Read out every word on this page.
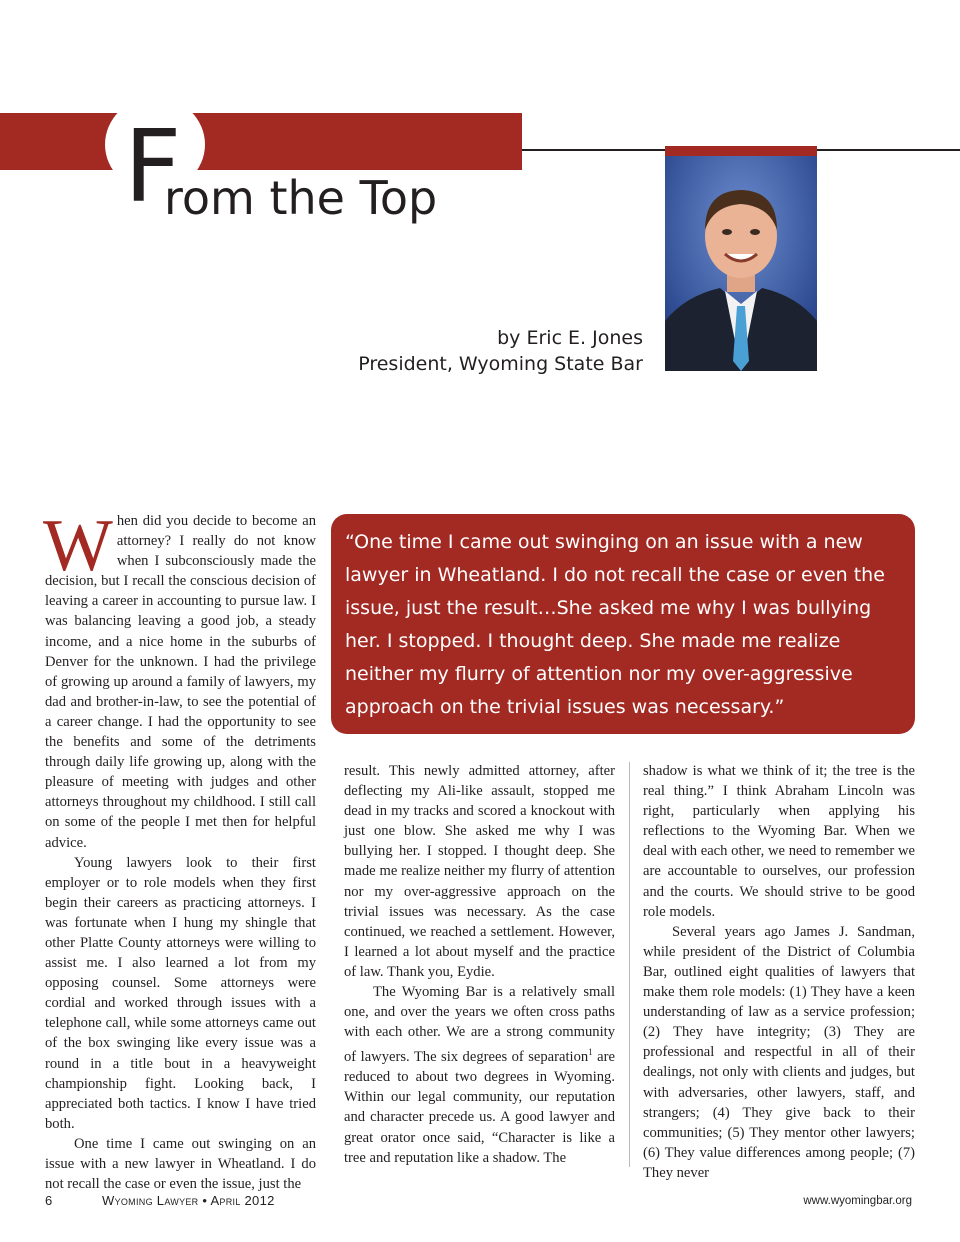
F
rom the Top
by Eric E. Jones
President, Wyoming State Bar

When did you decide to become an attorney? I really do not know when I subconsciously made the decision, but I recall the conscious decision of leaving a career in accounting to pursue law. I was balancing leaving a good job, a steady income, and a nice home in the suburbs of Denver for the unknown. I had the privilege of growing up around a family of lawyers, my dad and brother-in-law, to see the potential of a career change. I had the opportunity to see the benefits and some of the detriments through daily life growing up, along with the pleasure of meeting with judges and other attorneys throughout my childhood. I still call on some of the people I met then for helpful advice.

Young lawyers look to their first employer or to role models when they first begin their careers as practicing attorneys. I was fortunate when I hung my shingle that other Platte County attorneys were willing to assist me. I also learned a lot from my opposing counsel. Some attorneys were cordial and worked through issues with a telephone call, while some attorneys came out of the box swinging like every issue was a round in a title bout in a heavyweight championship fight. Looking back, I appreciated both tactics. I know I have tried both.

One time I came out swinging on an issue with a new lawyer in Wheatland. I do not recall the case or even the issue, just the

“One time I came out swinging on an issue with a new lawyer in Wheatland. I do not recall the case or even the issue, just the result…She asked me why I was bullying her. I stopped. I thought deep. She made me realize neither my flurry of attention nor my over-aggressive approach on the trivial issues was necessary.”

result. This newly admitted attorney, after deflecting my Ali-like assault, stopped me dead in my tracks and scored a knockout with just one blow. She asked me why I was bullying her. I stopped. I thought deep. She made me realize neither my flurry of attention nor my over-aggressive approach on the trivial issues was necessary. As the case continued, we reached a settlement. However, I learned a lot about myself and the practice of law. Thank you, Eydie.

The Wyoming Bar is a relatively small one, and over the years we often cross paths with each other. We are a strong community of lawyers. The six degrees of separation$^1$ are reduced to about two degrees in Wyoming. Within our legal community, our reputation and character precede us. A good lawyer and great orator once said, “Character is like a tree and reputation like a shadow. The

shadow is what we think of it; the tree is the real thing.” I think Abraham Lincoln was right, particularly when applying his reflections to the Wyoming Bar. When we deal with each other, we need to remember we are accountable to ourselves, our profession and the courts. We should strive to be good role models.

Several years ago James J. Sandman, while president of the District of Columbia Bar, outlined eight qualities of lawyers that make them role models: (1) They have a keen understanding of law as a service profession; (2) They have integrity; (3) They are professional and respectful in all of their dealings, not only with clients and judges, but with adversaries, other lawyers, staff, and strangers; (4) They give back to their communities; (5) They mentor other lawyers; (6) They value differences among people; (7) They never

6	Wyoming Lawyer • April 2012	www.wyomingbar.org
